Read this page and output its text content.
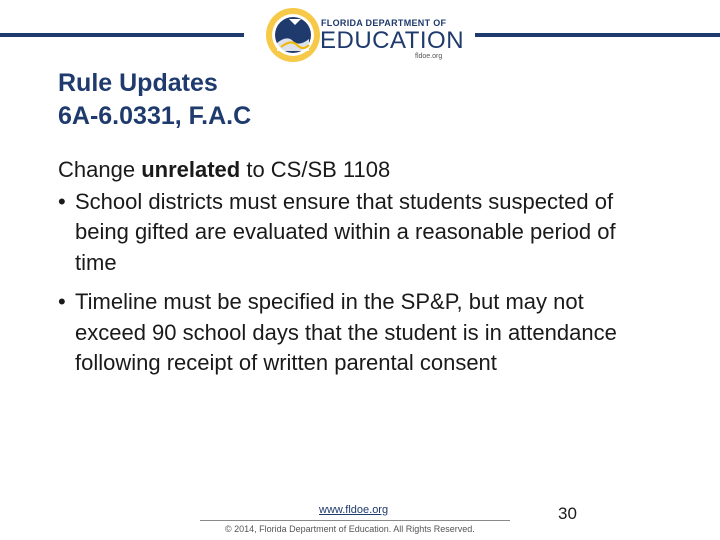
FLORIDA DEPARTMENT OF
EDUCATION
fldoe.org
Rule Updates
6A-6.0331, F.A.C
Change unrelated to CS/SB 1108
• School districts must ensure that students suspected of being gifted are evaluated within a reasonable period of time
• Timeline must be specified in the SP&P, but may not exceed 90 school days that the student is in attendance following receipt of written parental consent
www.fldoe.org
© 2014, Florida Department of Education. All Rights Reserved.
30
